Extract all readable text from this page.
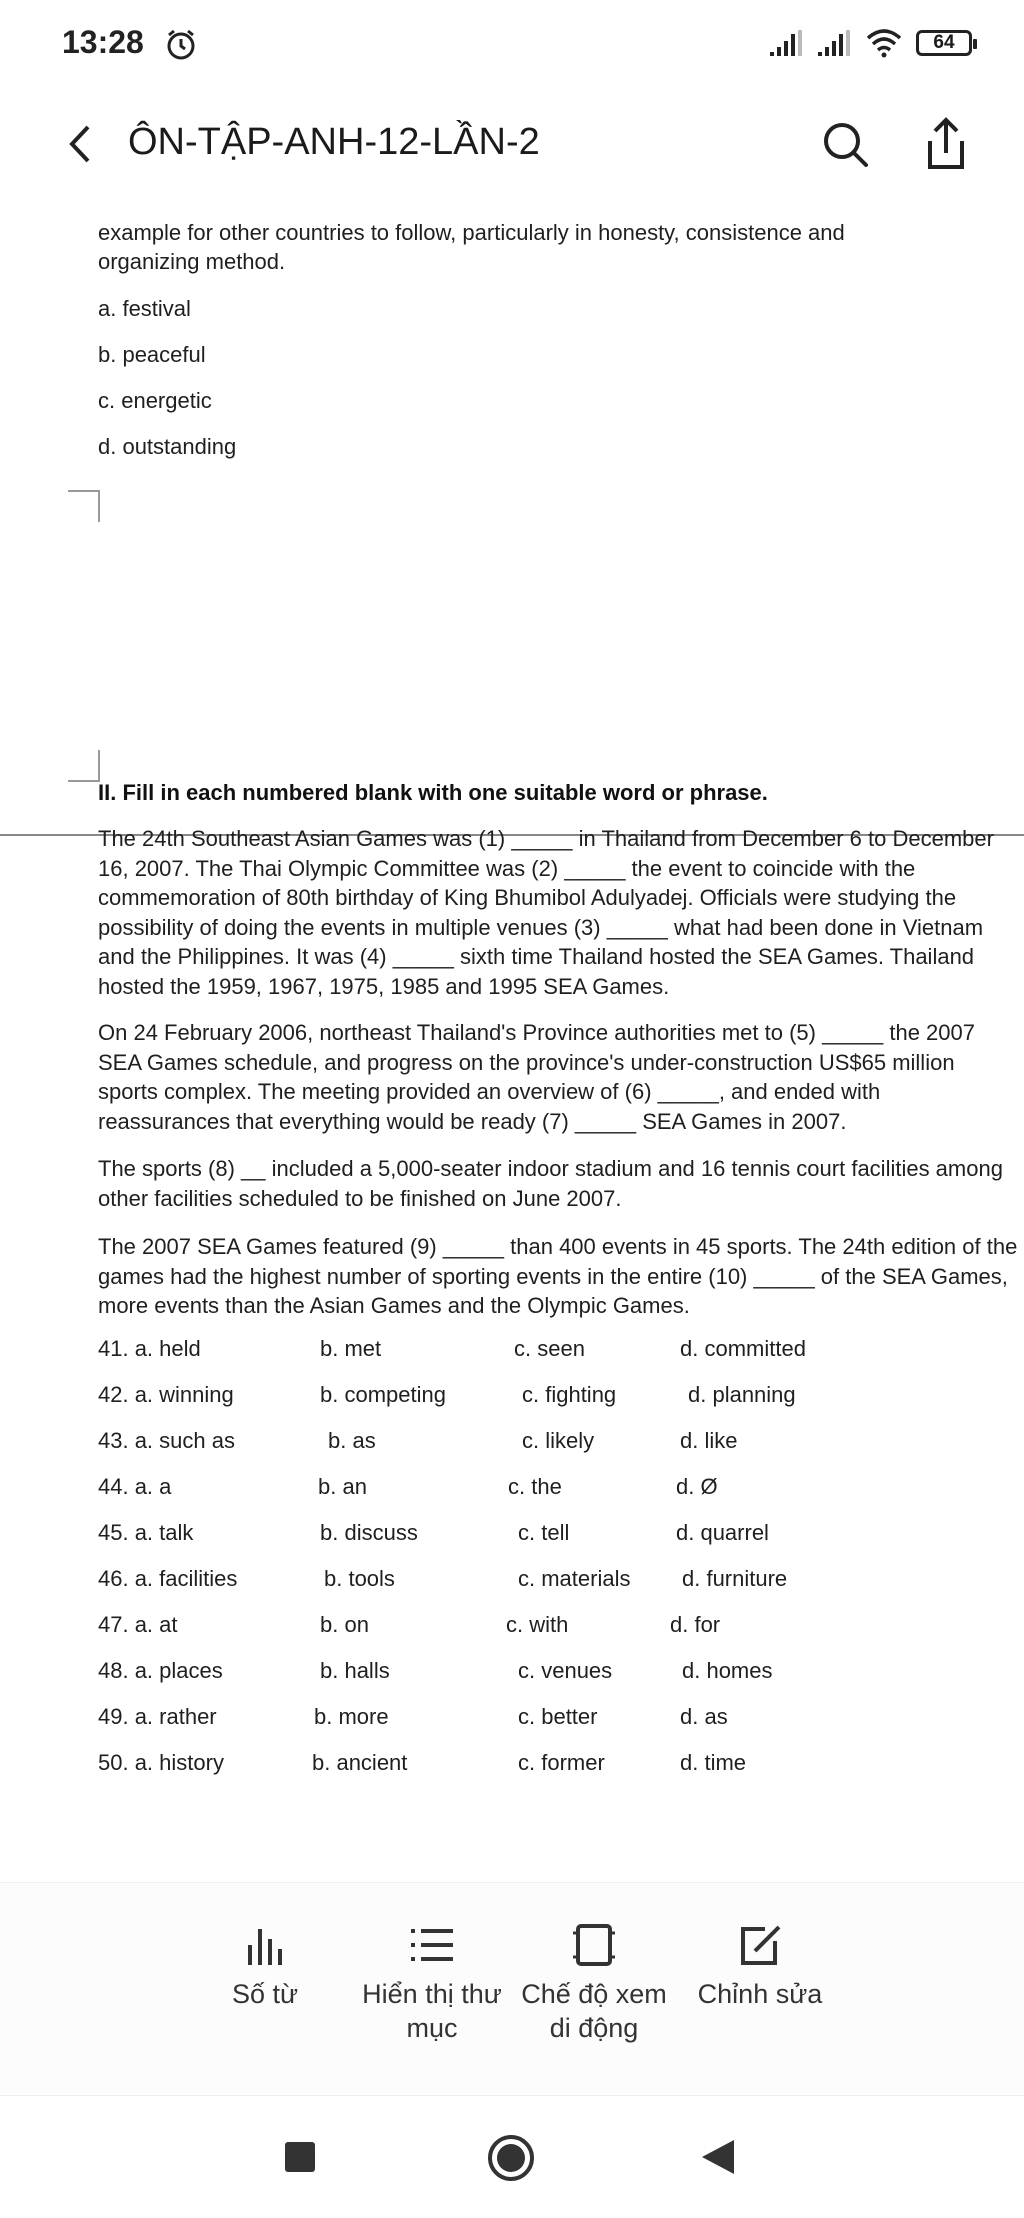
13:28	64
ÔN-TẬP-ANH-12-LẦN-2
example for other countries to follow, particularly in honesty, consistence and
organizing method.
a. festival
b. peaceful
c. energetic
d. outstanding
II. Fill in each numbered blank with one suitable word or phrase.
The 24th Southeast Asian Games was (1) _____ in Thailand from December 6 to December 16, 2007. The Thai Olympic Committee was (2) _____ the event to coincide with the commemoration of 80th birthday of King Bhumibol Adulyadej. Officials were studying the possibility of doing the events in multiple venues (3) _____ what had been done in Vietnam and the Philippines. It was (4) _____ sixth time Thailand hosted the SEA Games. Thailand hosted the 1959, 1967, 1975, 1985 and 1995 SEA Games.
On 24 February 2006, northeast Thailand's Province authorities met to (5) _____ the 2007 SEA Games schedule, and progress on the province's under-construction US$65 million sports complex. The meeting provided an overview of (6) _____, and ended with reassurances that everything would be ready (7) _____ SEA Games in 2007.
The sports (8) __ included a 5,000-seater indoor stadium and 16 tennis court facilities among other facilities scheduled to be finished on June 2007.
The 2007 SEA Games featured (9) _____ than 400 events in 45 sports. The 24th edition of the games had the highest number of sporting events in the entire (10) _____ of the SEA Games, more events than the Asian Games and the Olympic Games.
41. a. held	b. met	c. seen	d. committed
42. a. winning	b. competing	c. fighting	d. planning
43. a. such as	b. as	c. likely	d. like
44. a. a	b. an	c. the	d. Ø
45. a. talk	b. discuss	c. tell	d. quarrel
46. a. facilities	b. tools	c. materials d. furniture
47. a. at	b. on	c. with	d. for
48. a. places	b. halls	c. venues	d. homes
49. a. rather	b. more	c. better	d. as
50. a. history	b. ancient	c. former	d. time
Số từ	Hiển thị thư
mục
Chế độ xem
di động
Chỉnh sửa
